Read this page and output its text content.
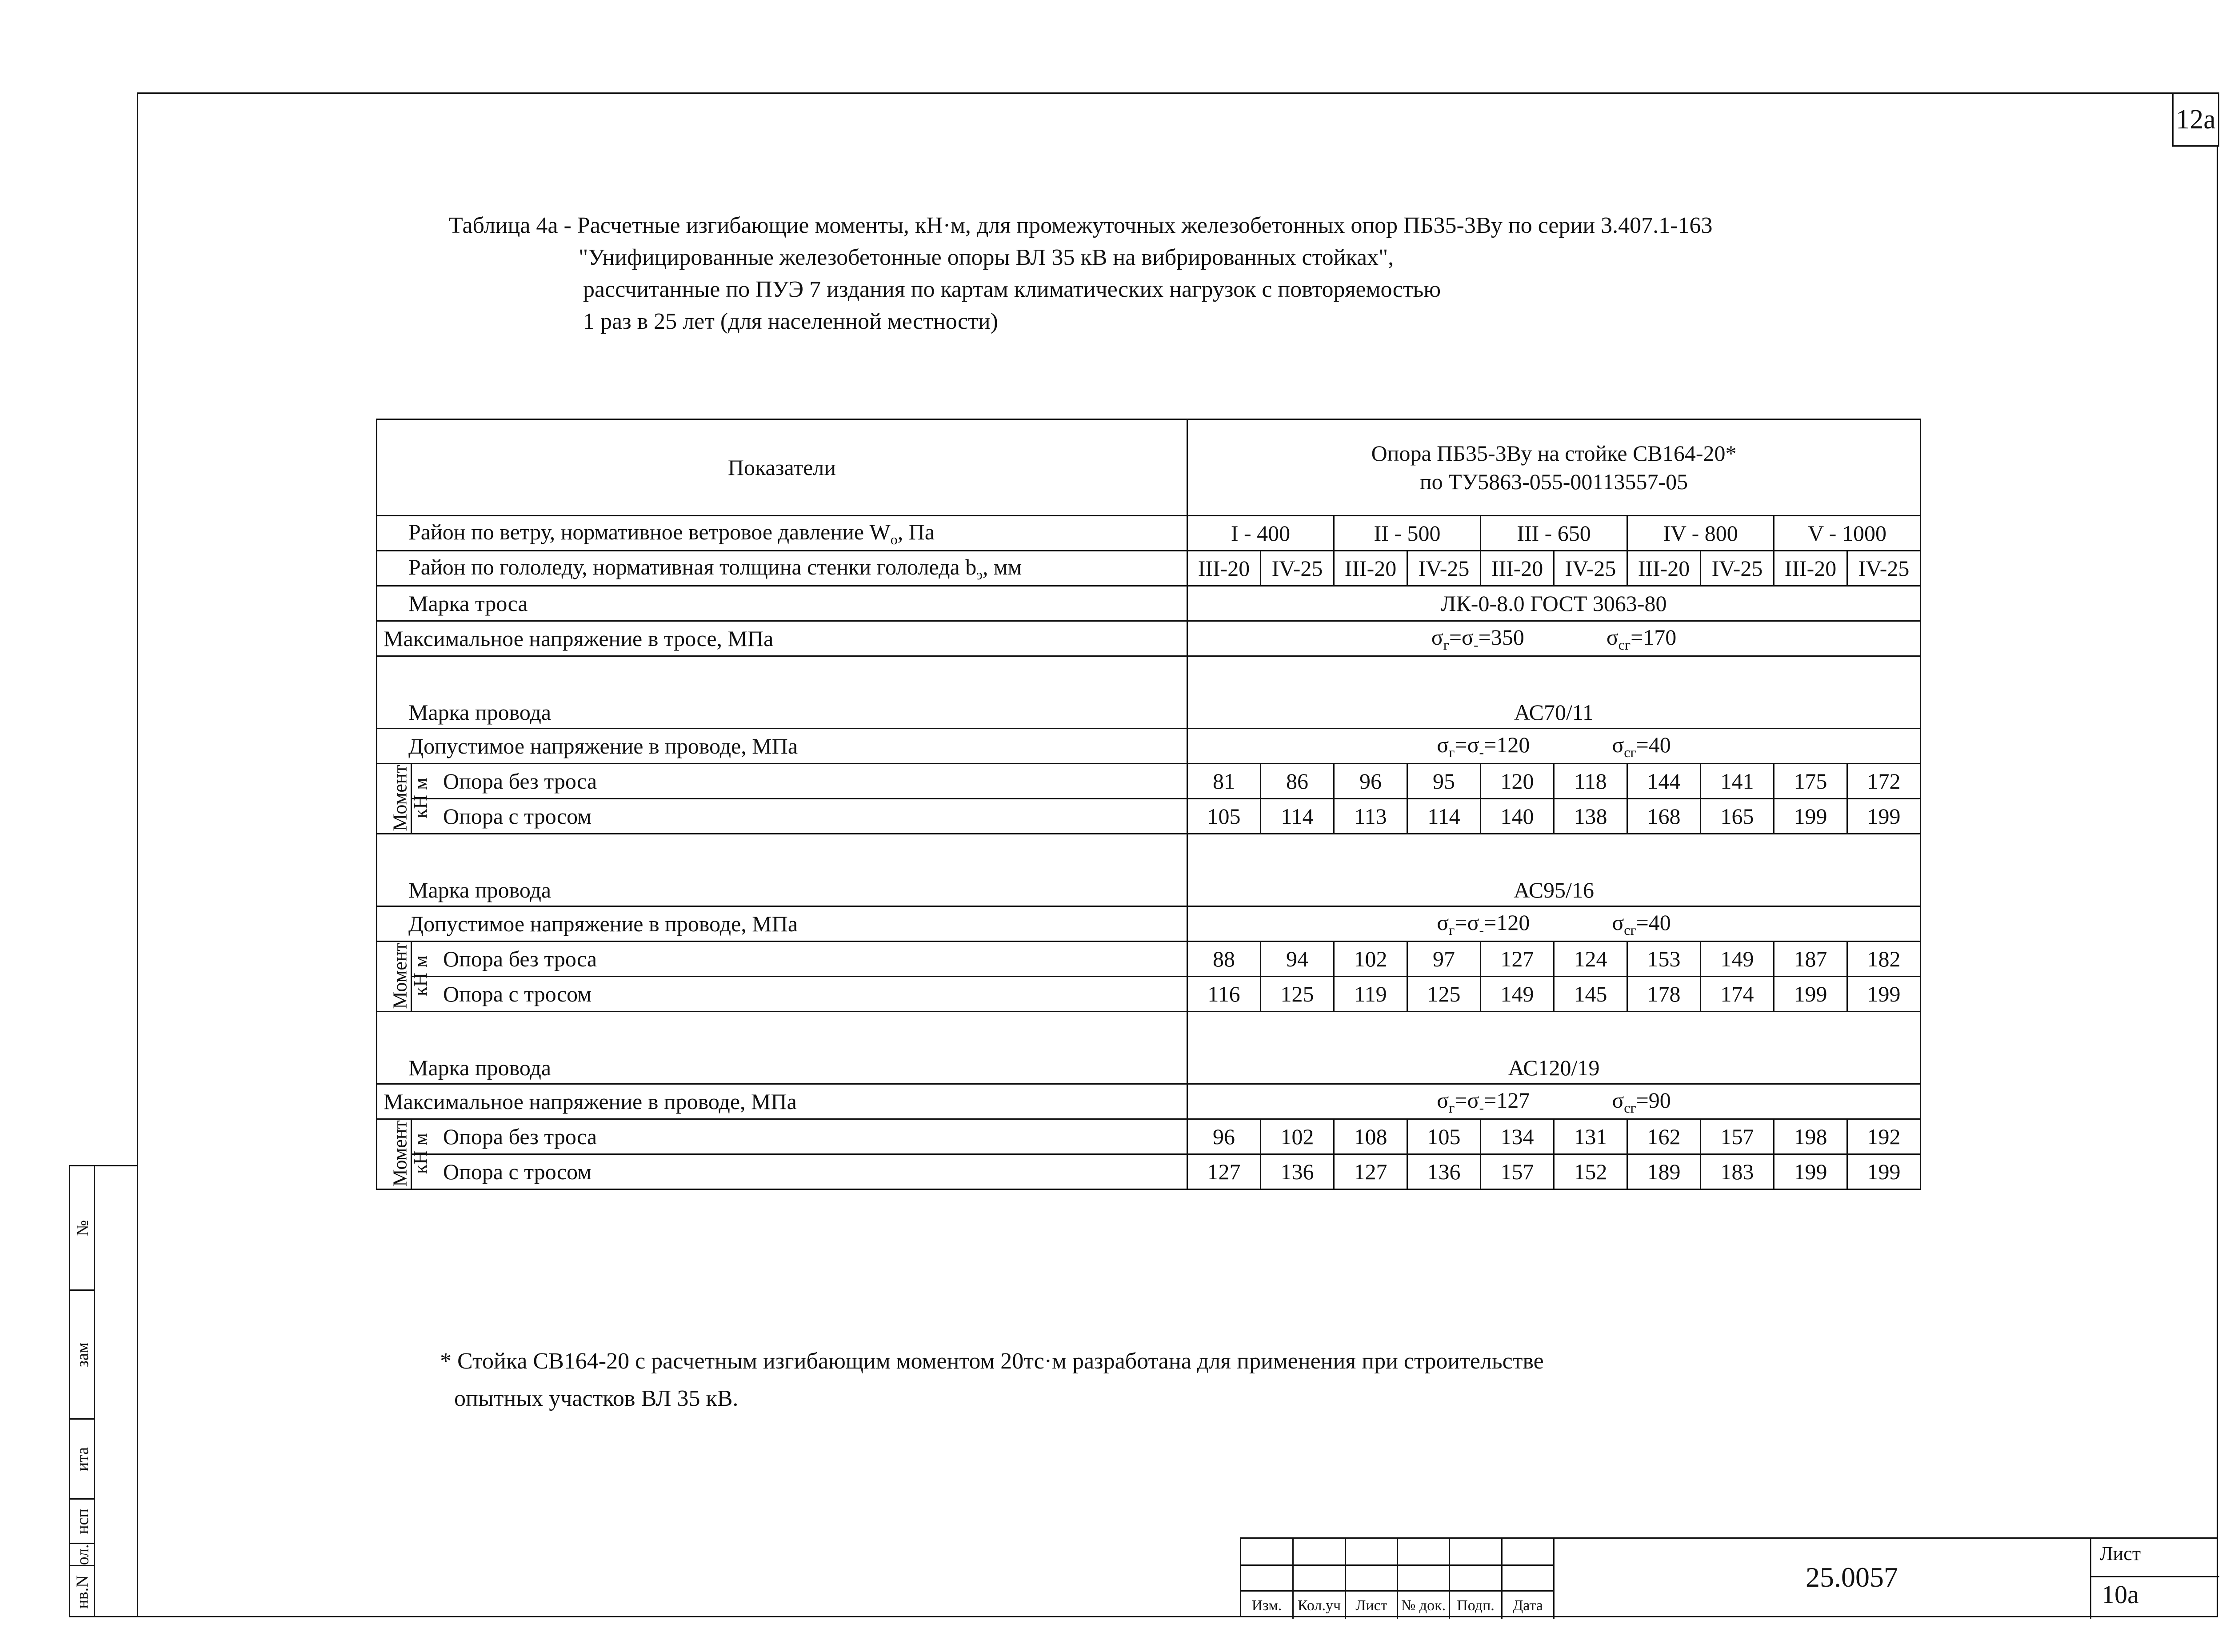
12a

Таблица 4а - Расчетные изгибающие моменты, кН·м, для промежуточных железобетонных опор ПБ35-3Ву по серии 3.407.1-163

"Унифицированные железобетонные опоры ВЛ 35 кВ на вибрированных стойках",

рассчитанные по ПУЭ 7 издания по картам климатических нагрузок с повторяемостью

1 раз в 25 лет (для населенной местности)

Показатели		Опора ПБ35-3Ву на стойке СВ164-20*
по ТУ5863-055-00113557-05									

Район по ветру, нормативное ветровое давление $W_о$, Па		I - 400		II - 500		III - 650		IV - 800		V - 1000	
Район по гололеду, нормативная толщина стенки гололеда $b_э$, мм		III-20	IV-25	III-20	IV-25	III-20	IV-25	III-20	IV-25	III-20	IV-25
Марка троса		ЛК-0-8.0 ГОСТ 3063-80									
Максимальное напряжение в тросе, МПа		$\sigma_г=\sigma_-=350$ $\sigma_{сг}=170$									
Марка провода		АС70/11									
Допустимое напряжение в проводе, МПа		$\sigma_г=\sigma_-=120$ $\sigma_{сг}=40$									
Момент
кН м	Опора без троса	81	86	96	95	120	118	144	141	175	172
	Опора с тросом	105	114	113	114	140	138	168	165	199	199
Марка провода		АС95/16									
Допустимое напряжение в проводе, МПа		$\sigma_г=\sigma_-=120$ $\sigma_{сг}=40$									
Момент
кН м	Опора без троса	88	94	102	97	127	124	153	149	187	182
	Опора с тросом	116	125	119	125	149	145	178	174	199	199
Марка провода		АС120/19									
Максимальное напряжение в проводе, МПа		$\sigma_г=\sigma_-=127$ $\sigma_{сг}=90$									
Момент
кН м	Опора без троса	96	102	108	105	134	131	162	157	198	192
	Опора с тросом	127	136	127	136	157	152	189	183	199	199
* Стойка СВ164-20 с расчетным изгибающим моментом 20тс·м разработана для применения при строительстве
опытных участков ВЛ 35 кВ.
№
зам
ита
нсп
ол.
нв.N	Изм.	Кол.уч Лист № док. Подп.	Дата
25.0057
Лист
10a
